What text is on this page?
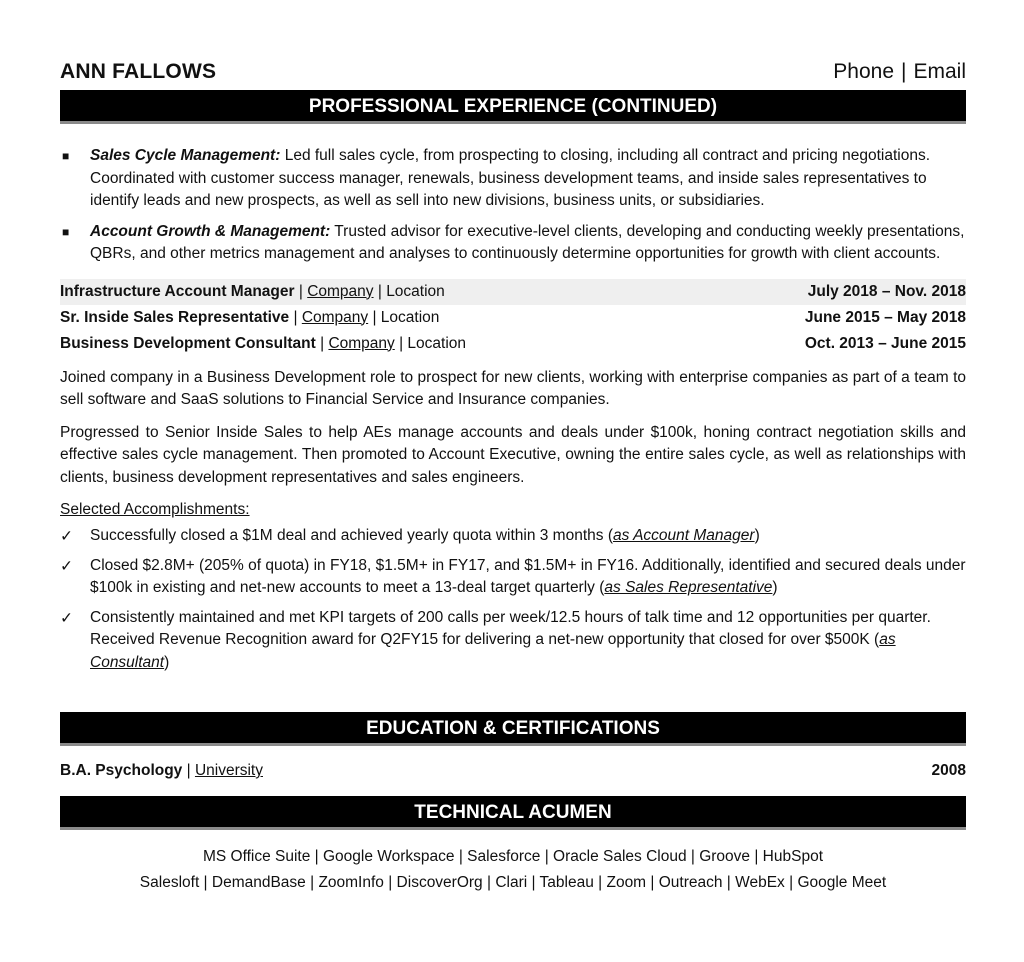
ANN FALLOWS	Phone | Email
PROFESSIONAL EXPERIENCE (CONTINUED)
■ Sales Cycle Management: Led full sales cycle, from prospecting to closing, including all contract and pricing negotiations. Coordinated with customer success manager, renewals, business development teams, and inside sales representatives to identify leads and new prospects, as well as sell into new divisions, business units, or subsidiaries.
■ Account Growth & Management: Trusted advisor for executive-level clients, developing and conducting weekly presentations, QBRs, and other metrics management and analyses to continuously determine opportunities for growth with client accounts.
Infrastructure Account Manager | Company | Location	July 2018 – Nov. 2018
Sr. Inside Sales Representative | Company | Location	June 2015 – May 2018
Business Development Consultant | Company | Location	Oct. 2013 – June 2015

Joined company in a Business Development role to prospect for new clients, working with enterprise companies as part of a team to sell software and SaaS solutions to Financial Service and Insurance companies.

Progressed to Senior Inside Sales to help AEs manage accounts and deals under $100k, honing contract negotiation skills and effective sales cycle management. Then promoted to Account Executive, owning the entire sales cycle, as well as relationships with clients, business development representatives and sales engineers.

Selected Accomplishments:
✓ Successfully closed a $1M deal and achieved yearly quota within 3 months (as Account Manager)
✓ Closed $2.8M+ (205% of quota) in FY18, $1.5M+ in FY17, and $1.5M+ in FY16. Additionally, identified and secured deals under $100k in existing and net-new accounts to meet a 13-deal target quarterly (as Sales Representative)
✓ Consistently maintained and met KPI targets of 200 calls per week/12.5 hours of talk time and 12 opportunities per quarter. Received Revenue Recognition award for Q2FY15 for delivering a net-new opportunity that closed for over $500K (as Consultant)
EDUCATION & CERTIFICATIONS
B.A. Psychology | University	2008
TECHNICAL ACUMEN
MS Office Suite | Google Workspace | Salesforce | Oracle Sales Cloud | Groove | HubSpot
Salesloft | DemandBase | ZoomInfo | DiscoverOrg | Clari | Tableau | Zoom | Outreach | WebEx | Google Meet
